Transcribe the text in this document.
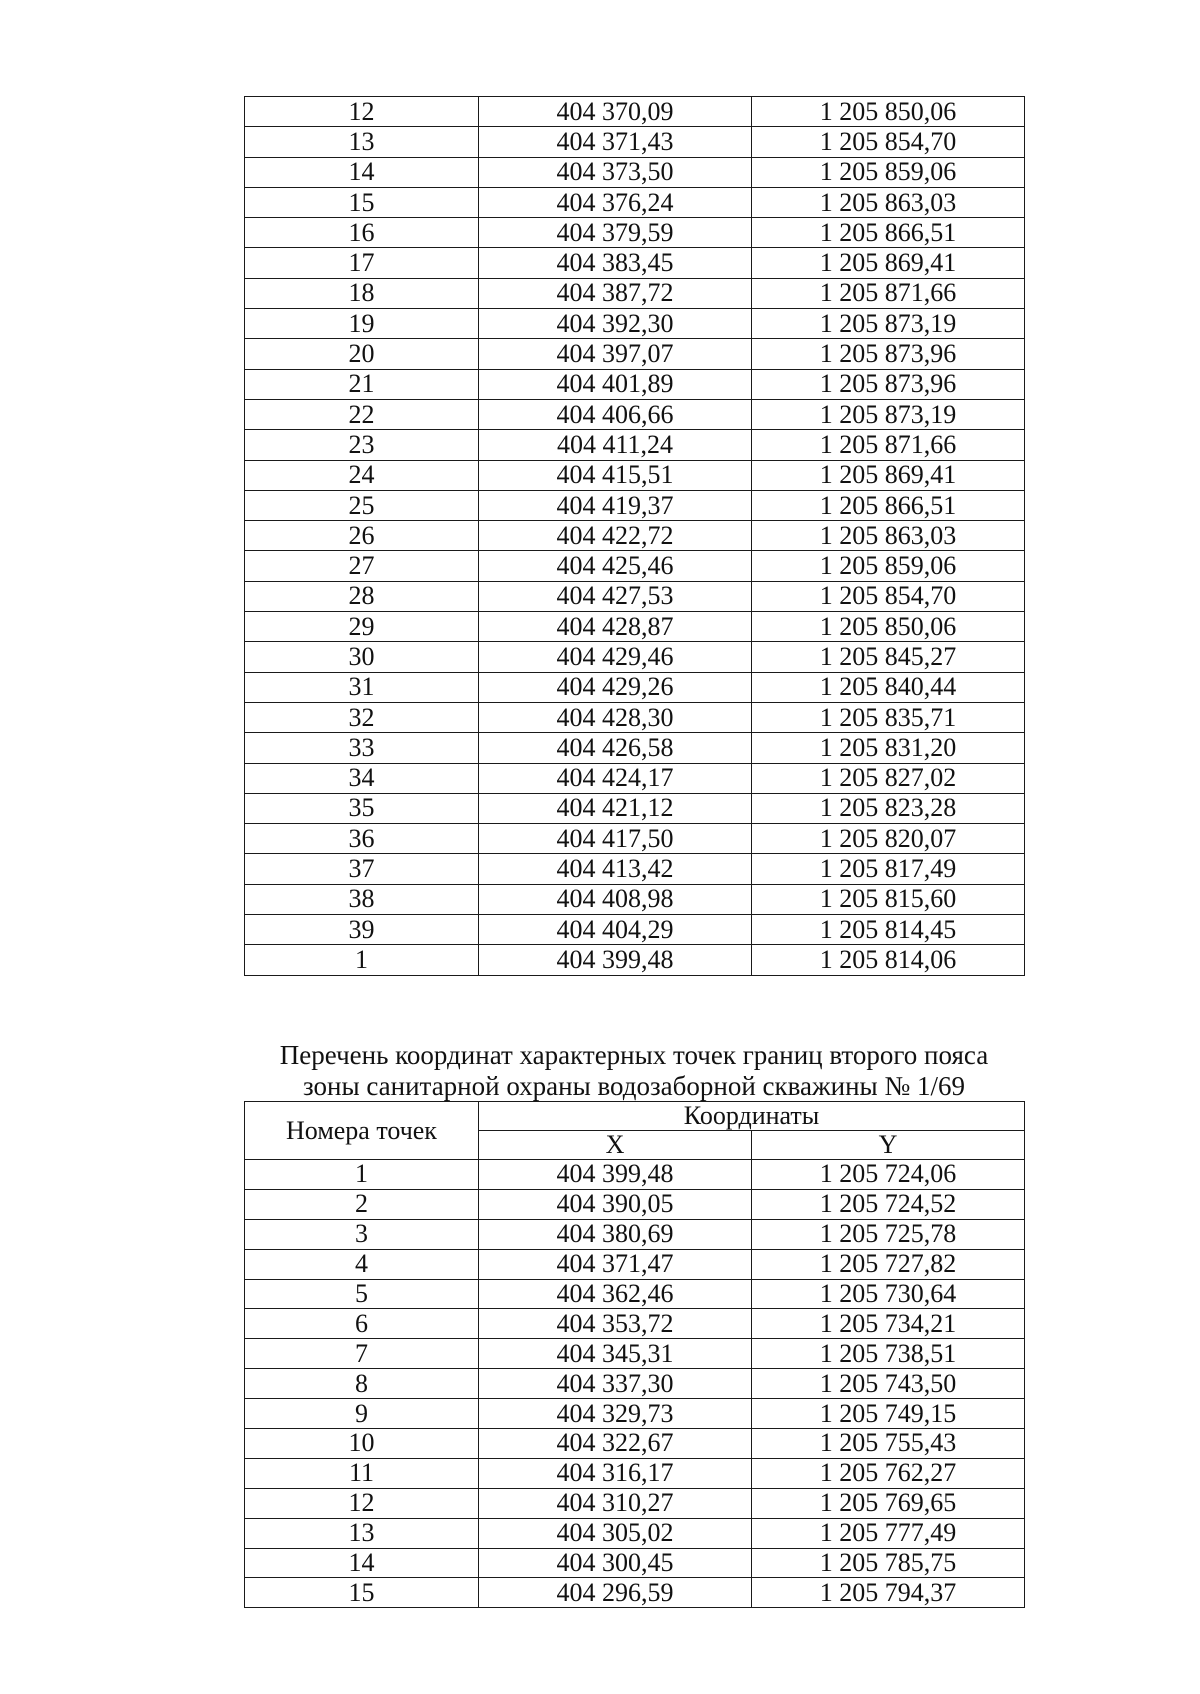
12	404 370,09	1 205 850,06
13	404 371,43	1 205 854,70
14	404 373,50	1 205 859,06
15	404 376,24	1 205 863,03
16	404 379,59	1 205 866,51
17	404 383,45	1 205 869,41
18	404 387,72	1 205 871,66
19	404 392,30	1 205 873,19
20	404 397,07	1 205 873,96
21	404 401,89	1 205 873,96
22	404 406,66	1 205 873,19
23	404 411,24	1 205 871,66
24	404 415,51	1 205 869,41
25	404 419,37	1 205 866,51
26	404 422,72	1 205 863,03
27	404 425,46	1 205 859,06
28	404 427,53	1 205 854,70
29	404 428,87	1 205 850,06
30	404 429,46	1 205 845,27
31	404 429,26	1 205 840,44
32	404 428,30	1 205 835,71
33	404 426,58	1 205 831,20
34	404 424,17	1 205 827,02
35	404 421,12	1 205 823,28
36	404 417,50	1 205 820,07
37	404 413,42	1 205 817,49
38	404 408,98	1 205 815,60
39	404 404,29	1 205 814,45
1	404 399,48	1 205 814,06
Перечень координат характерных точек границ второго пояса
зоны санитарной охраны водозаборной скважины № 1/69
Номера точек	Координаты	
	X	Y
1	404 399,48	1 205 724,06
2	404 390,05	1 205 724,52
3	404 380,69	1 205 725,78
4	404 371,47	1 205 727,82
5	404 362,46	1 205 730,64
6	404 353,72	1 205 734,21
7	404 345,31	1 205 738,51
8	404 337,30	1 205 743,50
9	404 329,73	1 205 749,15
10	404 322,67	1 205 755,43
11	404 316,17	1 205 762,27
12	404 310,27	1 205 769,65
13	404 305,02	1 205 777,49
14	404 300,45	1 205 785,75
15	404 296,59	1 205 794,37
